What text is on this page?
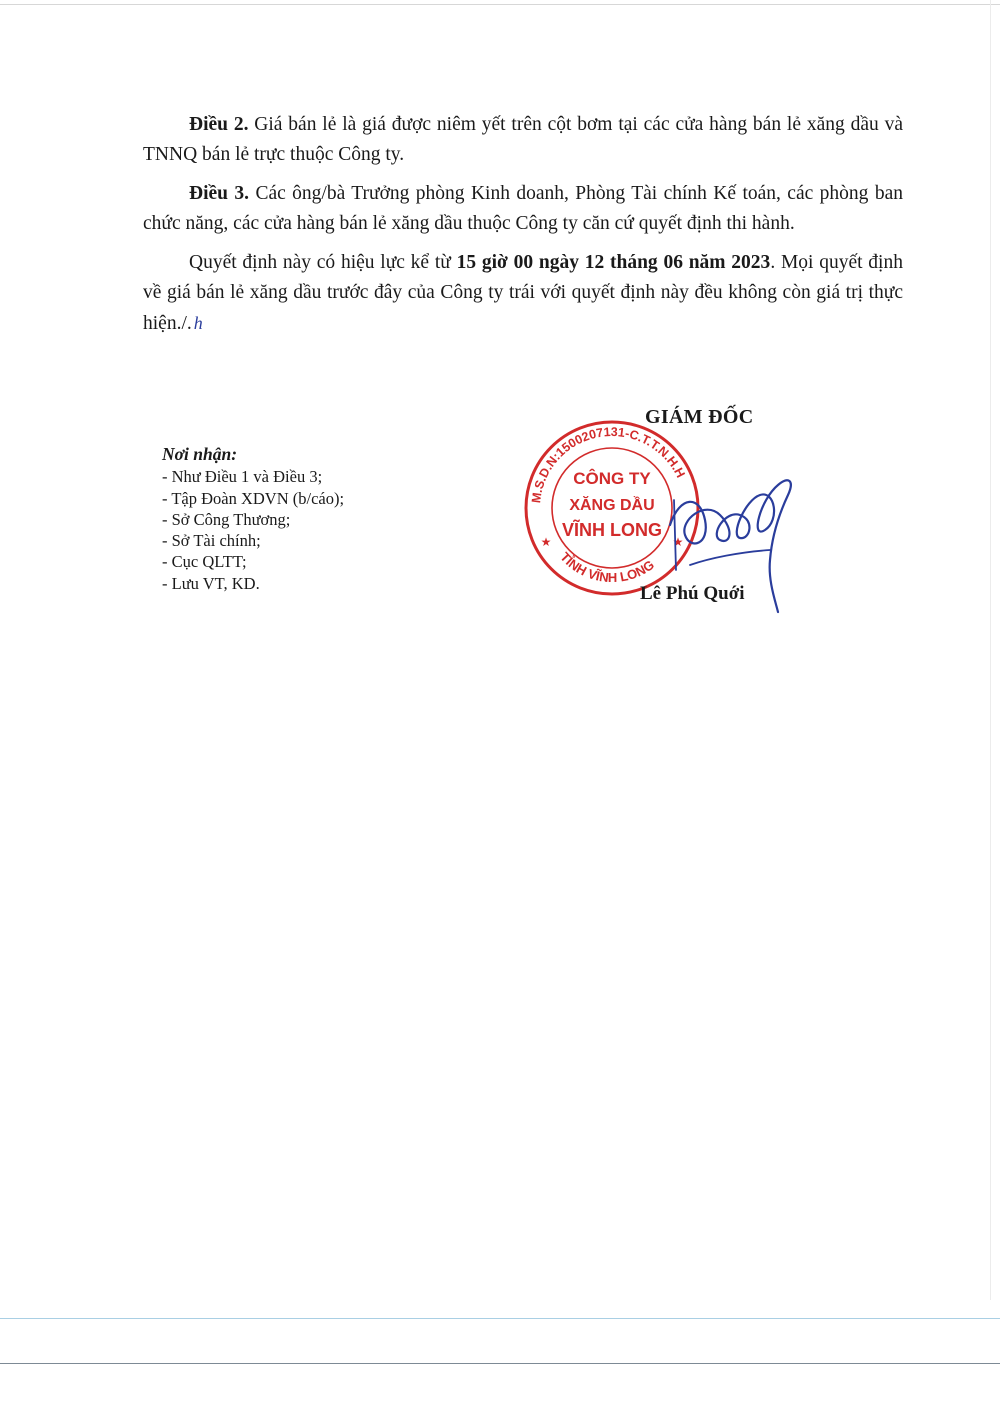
Điều 2. Giá bán lẻ là giá được niêm yết trên cột bơm tại các cửa hàng bán lẻ xăng dầu và TNNQ bán lẻ trực thuộc Công ty.

Điều 3. Các ông/bà Trưởng phòng Kinh doanh, Phòng Tài chính Kế toán, các phòng ban chức năng, các cửa hàng bán lẻ xăng dầu thuộc Công ty căn cứ quyết định thi hành.

Quyết định này có hiệu lực kể từ 15 giờ 00 ngày 12 tháng 06 năm 2023. Mọi quyết định về giá bán lẻ xăng dầu trước đây của Công ty trái với quyết định này đều không còn giá trị thực hiện./. h

Nơi nhận:
- Như Điều 1 và Điều 3;
- Tập Đoàn XDVN (b/cáo);
- Sở Công Thương;
- Sở Tài chính;
- Cục QLTT;
- Lưu VT, KD.
GIÁM ĐỐC
M.S.D.N:1500207131-C.T.T.N.H.H
TỈNH VĨNH LONG
CÔNG TY
XĂNG DẦU
VĨNH LONG
★	★
Lê Phú Quới
